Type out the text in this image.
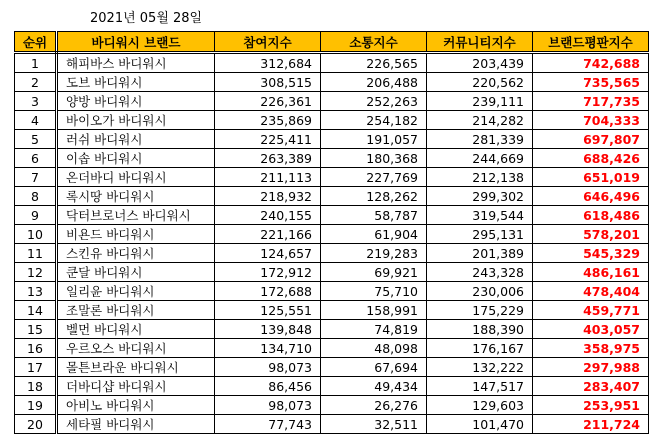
2021년 05월 28일
순위	바디워시 브랜드	참여지수	소통지수	커뮤니티지수	브랜드평판지수
1	해피바스 바디워시	312,684	226,565	203,439	742,688
2	도브 바디워시	308,515	206,488	220,562	735,565
3	양방 바디워시	226,361	252,263	239,111	717,735
4	바이오가 바디워시	235,869	254,182	214,282	704,333
5	러쉬 바디워시	225,411	191,057	281,339	697,807
6	이솝 바디워시	263,389	180,368	244,669	688,426
7	온더바디 바디워시	211,113	227,769	212,138	651,019
8	록시땅 바디워시	218,932	128,262	299,302	646,496
9	닥터브로너스 바디워시	240,155	58,787	319,544	618,486
10	비욘드 바디워시	221,166	61,904	295,131	578,201
11	스킨유 바디워시	124,657	219,283	201,389	545,329
12	쿤달 바디워시	172,912	69,921	243,328	486,161
13	일리윤 바디워시	172,688	75,710	230,006	478,404
14	조말론 바디워시	125,551	158,991	175,229	459,771
15	벨먼 바디워시	139,848	74,819	188,390	403,057
16	우르오스 바디워시	134,710	48,098	176,167	358,975
17	몰튼브라운 바디워시	98,073	67,694	132,222	297,988
18	더바디샵 바디워시	86,456	49,434	147,517	283,407
19	아비노 바디워시	98,073	26,276	129,603	253,951
20	세타필 바디워시	77,743	32,511	101,470	211,724
